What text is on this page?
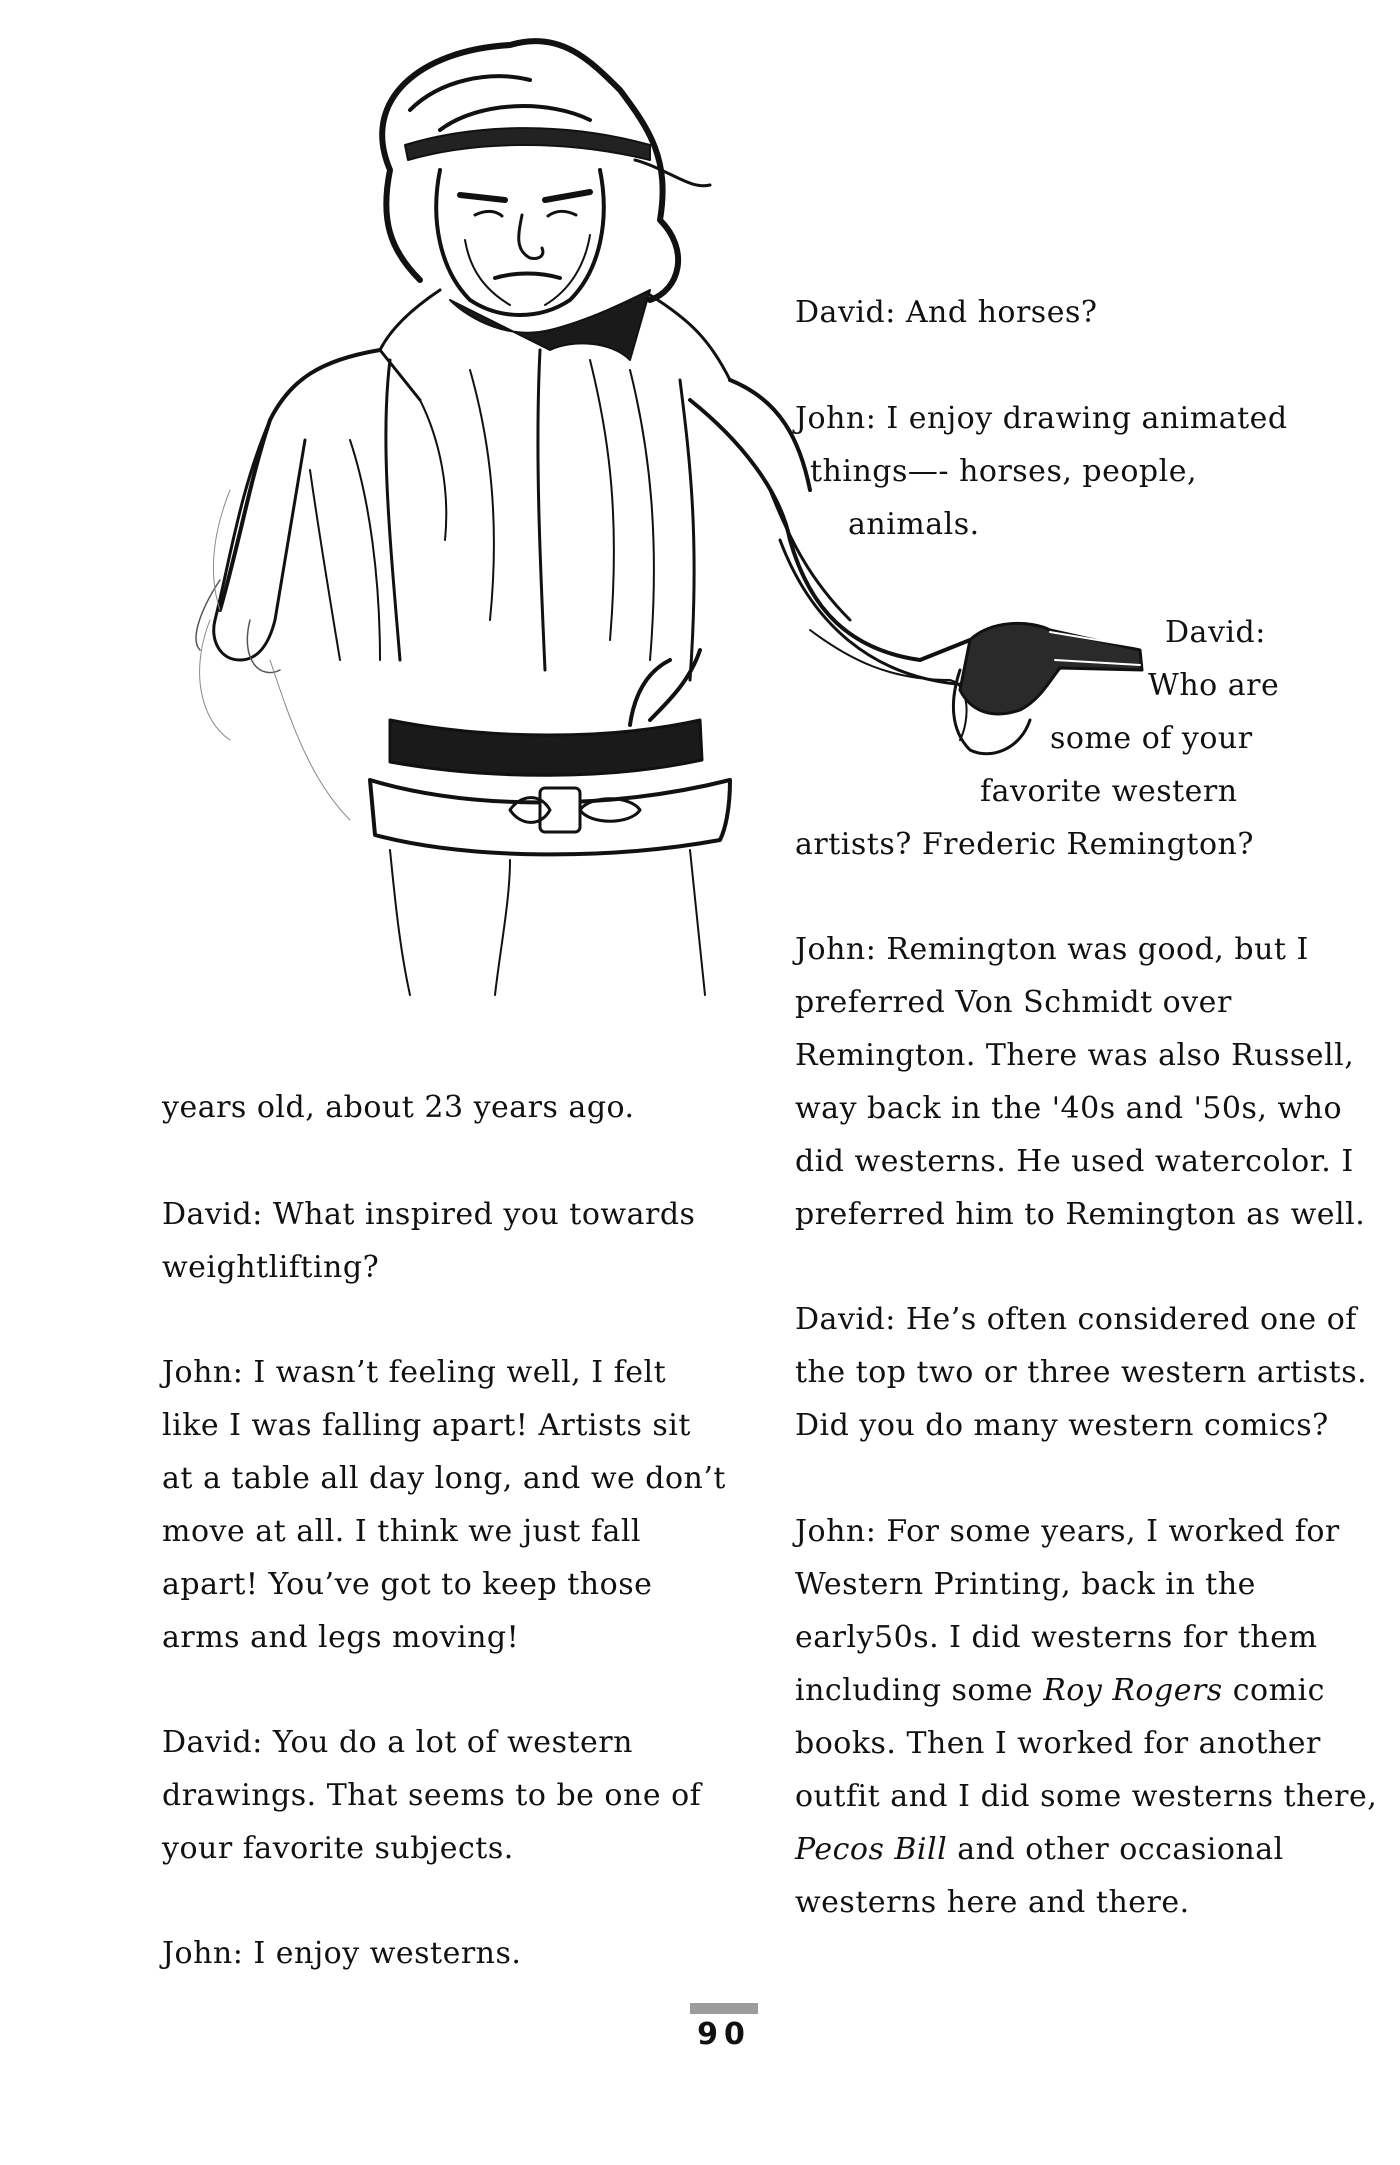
years old, about 23 years ago.
David: What inspired you towards
weightlifting?
John: I wasn’t feeling well, I felt
like I was falling apart! Artists sit
at a table all day long, and we don’t
move at all. I think we just fall
apart! You’ve got to keep those
arms and legs moving!
David: You do a lot of western
drawings. That seems to be one of
your favorite subjects.
John: I enjoy westerns.
David: And horses?
John: I enjoy drawing animated
things—- horses, people,
animals.
David:
Who are
some of your
favorite western
artists? Frederic Remington?
John: Remington was good, but I
preferred Von Schmidt over
Remington. There was also Russell,
way back in the '40s and '50s, who
did westerns. He used watercolor. I
preferred him to Remington as well.
David: He’s often considered one of
the top two or three western artists.
Did you do many western comics?
John: For some years, I worked for
Western Printing, back in the
early50s. I did westerns for them
including some Roy Rogers comic
books. Then I worked for another
outfit and I did some westerns there,
Pecos Bill and other occasional
westerns here and there.
90
